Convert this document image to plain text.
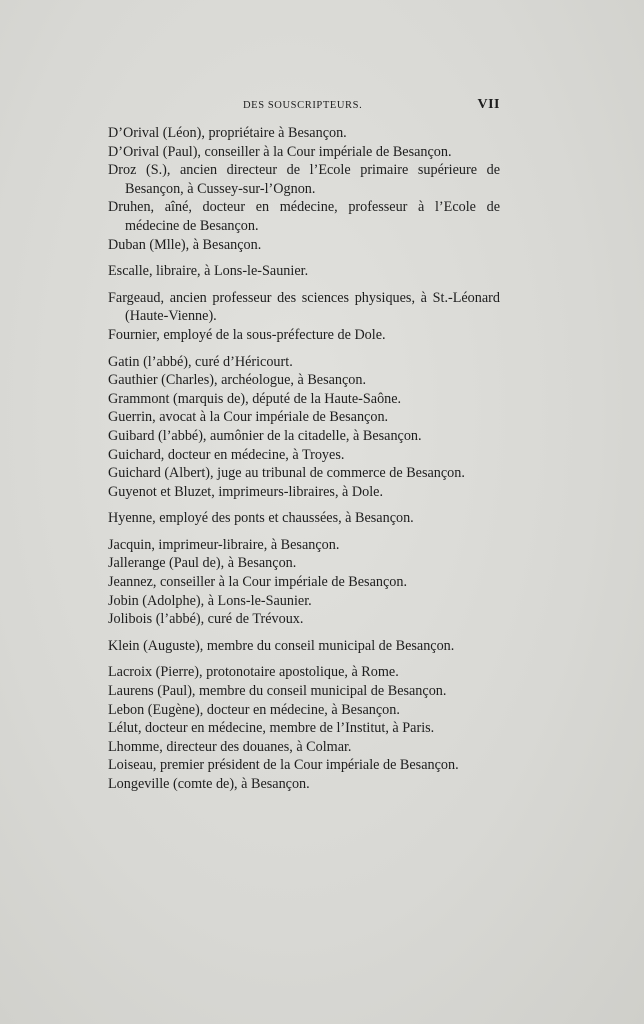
DES SOUSCRIPTEURS.	VII
D’Orival (Léon), propriétaire à Besançon.
D’Orival (Paul), conseiller à la Cour impériale de Besançon.
Droz (S.), ancien directeur de l’Ecole primaire supérieure de Besançon, à Cussey-sur-l’Ognon.
Druhen, aîné, docteur en médecine, professeur à l’Ecole de médecine de Besançon.
Duban (Mlle), à Besançon.
Escalle, libraire, à Lons-le-Saunier.
Fargeaud, ancien professeur des sciences physiques, à St.-Léonard (Haute-Vienne).
Fournier, employé de la sous-préfecture de Dole.
Gatin (l’abbé), curé d’Héricourt.
Gauthier (Charles), archéologue, à Besançon.
Grammont (marquis de), député de la Haute-Saône.
Guerrin, avocat à la Cour impériale de Besançon.
Guibard (l’abbé), aumônier de la citadelle, à Besançon.
Guichard, docteur en médecine, à Troyes.
Guichard (Albert), juge au tribunal de commerce de Besançon.
Guyenot et Bluzet, imprimeurs-libraires, à Dole.
Hyenne, employé des ponts et chaussées, à Besançon.
Jacquin, imprimeur-libraire, à Besançon.
Jallerange (Paul de), à Besançon.
Jeannez, conseiller à la Cour impériale de Besançon.
Jobin (Adolphe), à Lons-le-Saunier.
Jolibois (l’abbé), curé de Trévoux.
Klein (Auguste), membre du conseil municipal de Besançon.
Lacroix (Pierre), protonotaire apostolique, à Rome.
Laurens (Paul), membre du conseil municipal de Besançon.
Lebon (Eugène), docteur en médecine, à Besançon.
Lélut, docteur en médecine, membre de l’Institut, à Paris.
Lhomme, directeur des douanes, à Colmar.
Loiseau, premier président de la Cour impériale de Besançon.
Longeville (comte de), à Besançon.
